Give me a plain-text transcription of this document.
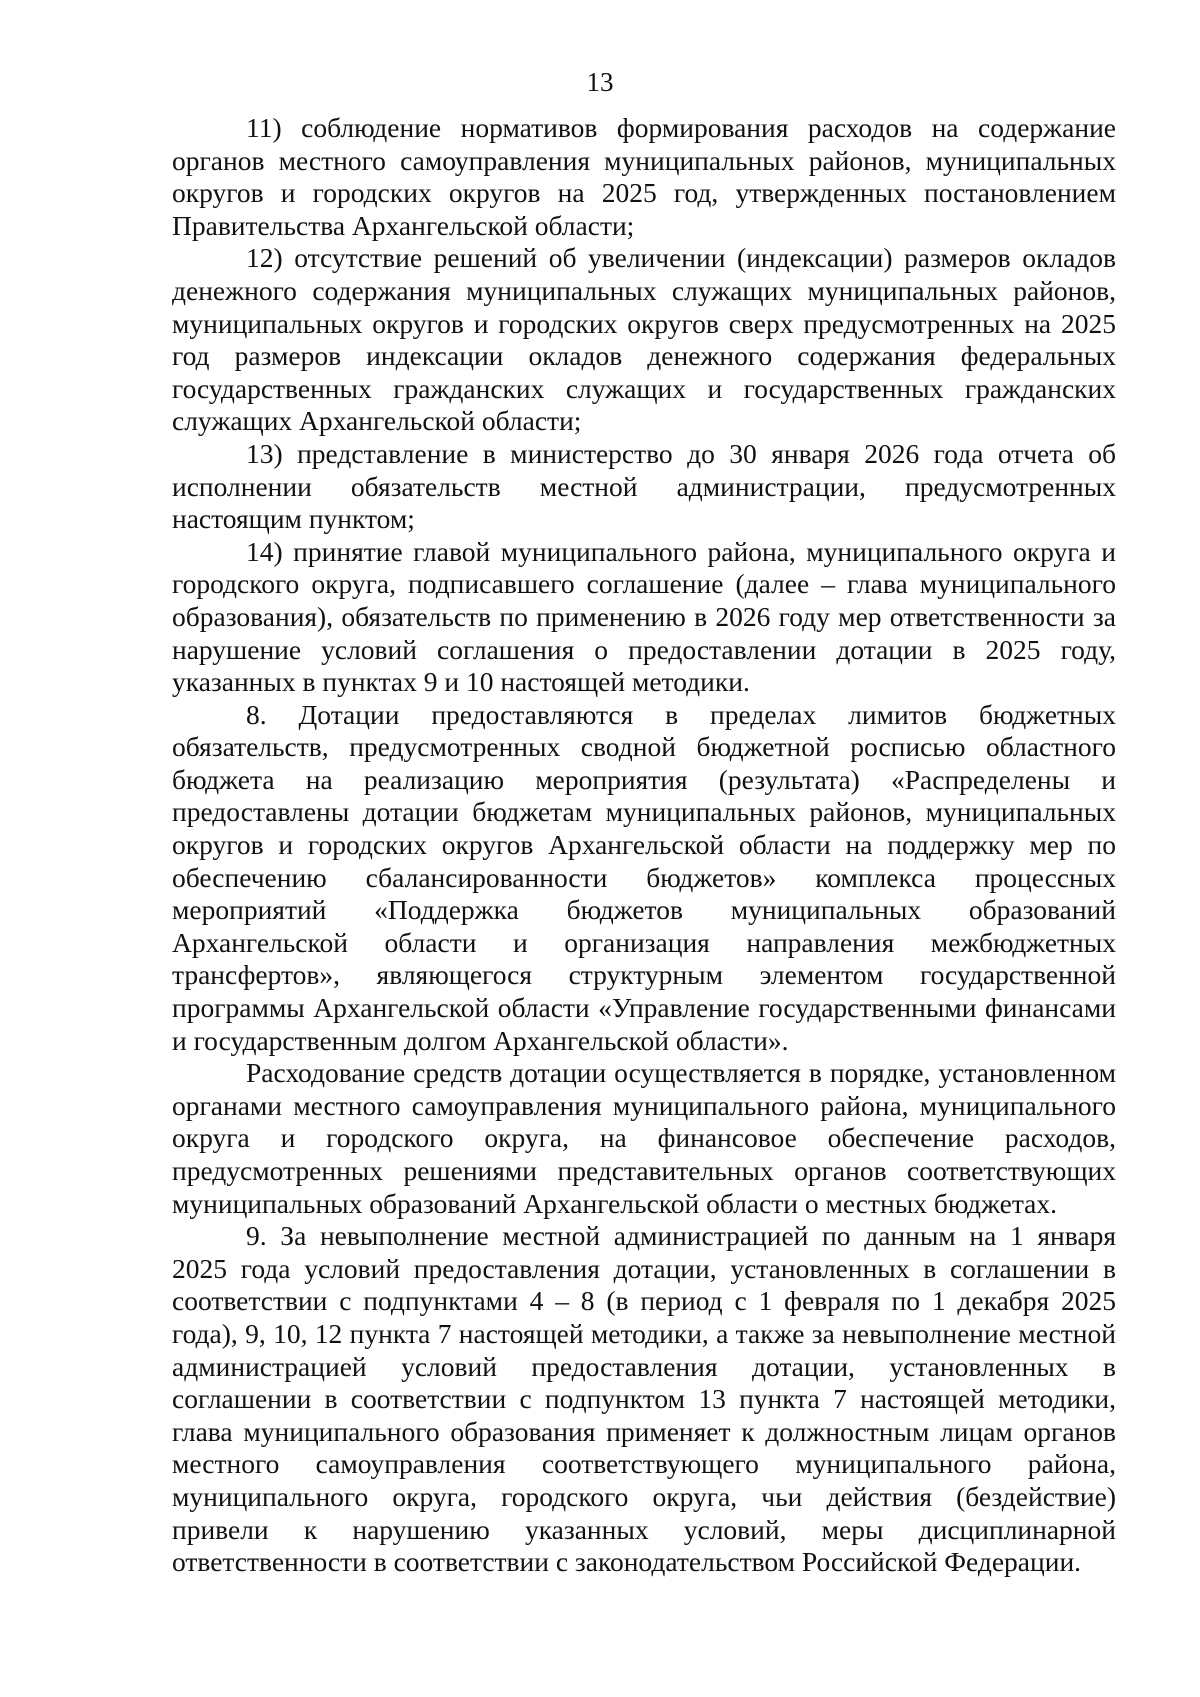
13

11) соблюдение нормативов формирования расходов на содержание органов местного самоуправления муниципальных районов, муниципальных округов и городских округов на 2025 год, утвержденных постановлением Правительства Архангельской области;

12) отсутствие решений об увеличении (индексации) размеров окладов денежного содержания муниципальных служащих муниципальных районов, муниципальных округов и городских округов сверх предусмотренных на 2025 год размеров индексации окладов денежного содержания федеральных государственных гражданских служащих и государственных гражданских служащих Архангельской области;

13) представление в министерство до 30 января 2026 года отчета об исполнении обязательств местной администрации, предусмотренных настоящим пунктом;

14) принятие главой муниципального района, муниципального округа и городского округа, подписавшего соглашение (далее – глава муниципального образования), обязательств по применению в 2026 году мер ответственности за нарушение условий соглашения о предоставлении дотации в 2025 году, указанных в пунктах 9 и 10 настоящей методики.

8. Дотации предоставляются в пределах лимитов бюджетных обязательств, предусмотренных сводной бюджетной росписью областного бюджета на реализацию мероприятия (результата) «Распределены и предоставлены дотации бюджетам муниципальных районов, муниципальных округов и городских округов Архангельской области на поддержку мер по обеспечению сбалансированности бюджетов» комплекса процессных мероприятий «Поддержка бюджетов муниципальных образований Архангельской области и организация направления межбюджетных трансфертов», являющегося структурным элементом государственной программы Архангельской области «Управление государственными финансами и государственным долгом Архангельской области».

Расходование средств дотации осуществляется в порядке, установленном органами местного самоуправления муниципального района, муниципального округа и городского округа, на финансовое обеспечение расходов, предусмотренных решениями представительных органов соответствующих муниципальных образований Архангельской области о местных бюджетах.

9. За невыполнение местной администрацией по данным на 1 января 2025 года условий предоставления дотации, установленных в соглашении в соответствии с подпунктами 4 – 8 (в период с 1 февраля по 1 декабря 2025 года), 9, 10, 12 пункта 7 настоящей методики, а также за невыполнение местной администрацией условий предоставления дотации, установленных в соглашении в соответствии с подпунктом 13 пункта 7 настоящей методики, глава муниципального образования применяет к должностным лицам органов местного самоуправления соответствующего муниципального района, муниципального округа, городского округа, чьи действия (бездействие) привели к нарушению указанных условий, меры дисциплинарной ответственности в соответствии с законодательством Российской Федерации.
